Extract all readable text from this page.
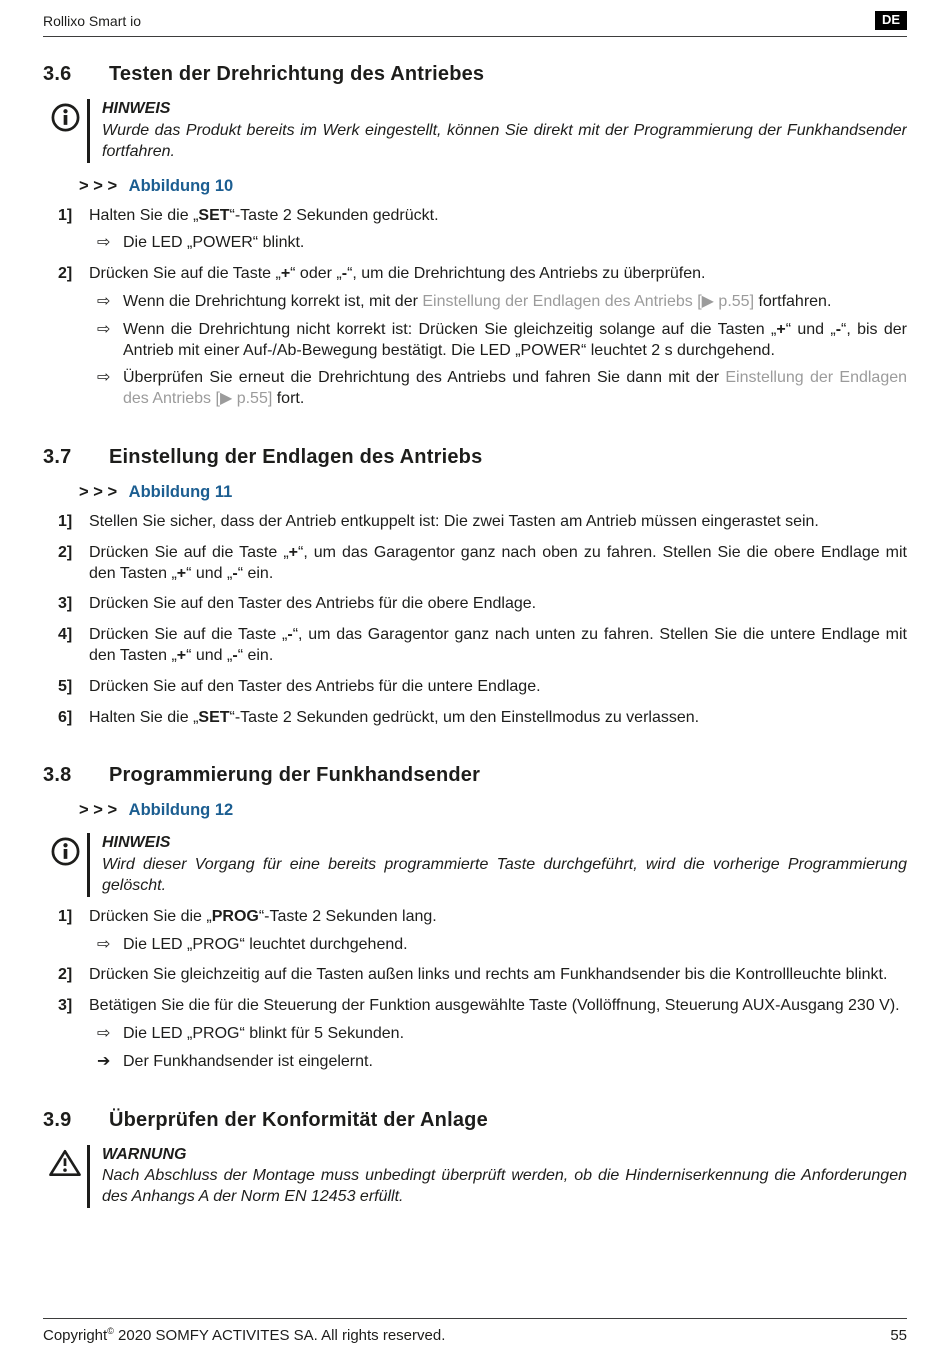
Rollixo Smart io	DE
3.6	Testen der Drehrichtung des Antriebes
HINWEIS
Wurde das Produkt bereits im Werk eingestellt, können Sie direkt mit der Programmierung der Funkhandsender fortfahren.
> > > Abbildung 10
1]	Halten Sie die „SET“-Taste 2 Sekunden gedrückt.
⇨ Die LED „POWER“ blinkt.
2]	Drücken Sie auf die Taste „+“ oder „-“, um die Drehrichtung des Antriebs zu überprüfen.
⇨ Wenn die Drehrichtung korrekt ist, mit der Einstellung der Endlagen des Antriebs [▶ p.55] fortfahren.
⇨ Wenn die Drehrichtung nicht korrekt ist: Drücken Sie gleichzeitig solange auf die Tasten „+“ und „-“, bis der Antrieb mit einer Auf-/Ab-Bewegung bestätigt. Die LED „POWER“ leuchtet 2 s durchgehend.
⇨ Überprüfen Sie erneut die Drehrichtung des Antriebs und fahren Sie dann mit der Einstellung der Endlagen des Antriebs [▶ p.55] fort.
3.7	Einstellung der Endlagen des Antriebs
> > > Abbildung 11
1]	Stellen Sie sicher, dass der Antrieb entkuppelt ist: Die zwei Tasten am Antrieb müssen eingerastet sein.
2]	Drücken Sie auf die Taste „+“, um das Garagentor ganz nach oben zu fahren. Stellen Sie die obere Endlage mit den Tasten „+“ und „-“ ein.
3]	Drücken Sie auf den Taster des Antriebs für die obere Endlage.
4]	Drücken Sie auf die Taste „-“, um das Garagentor ganz nach unten zu fahren. Stellen Sie die untere Endlage mit den Tasten „+“ und „-“ ein.
5]	Drücken Sie auf den Taster des Antriebs für die untere Endlage.
6]	Halten Sie die „SET“-Taste 2 Sekunden gedrückt, um den Einstellmodus zu verlassen.
3.8	Programmierung der Funkhandsender
> > > Abbildung 12
HINWEIS
Wird dieser Vorgang für eine bereits programmierte Taste durchgeführt, wird die vorherige Programmierung gelöscht.
1]	Drücken Sie die „PROG“-Taste 2 Sekunden lang.
⇨ Die LED „PROG“ leuchtet durchgehend.
2]	Drücken Sie gleichzeitig auf die Tasten außen links und rechts am Funkhandsender bis die Kontrollleuchte blinkt.
3]	Betätigen Sie die für die Steuerung der Funktion ausgewählte Taste (Vollöffnung, Steuerung AUX-Ausgang 230 V).
⇨ Die LED „PROG“ blinkt für 5 Sekunden.
➔ Der Funkhandsender ist eingelernt.
3.9	Überprüfen der Konformität der Anlage
WARNUNG
Nach Abschluss der Montage muss unbedingt überprüft werden, ob die Hinderniserkennung die Anforderungen des Anhangs A der Norm EN 12453 erfüllt.
Copyright© 2020 SOMFY ACTIVITES SA. All rights reserved.	55
